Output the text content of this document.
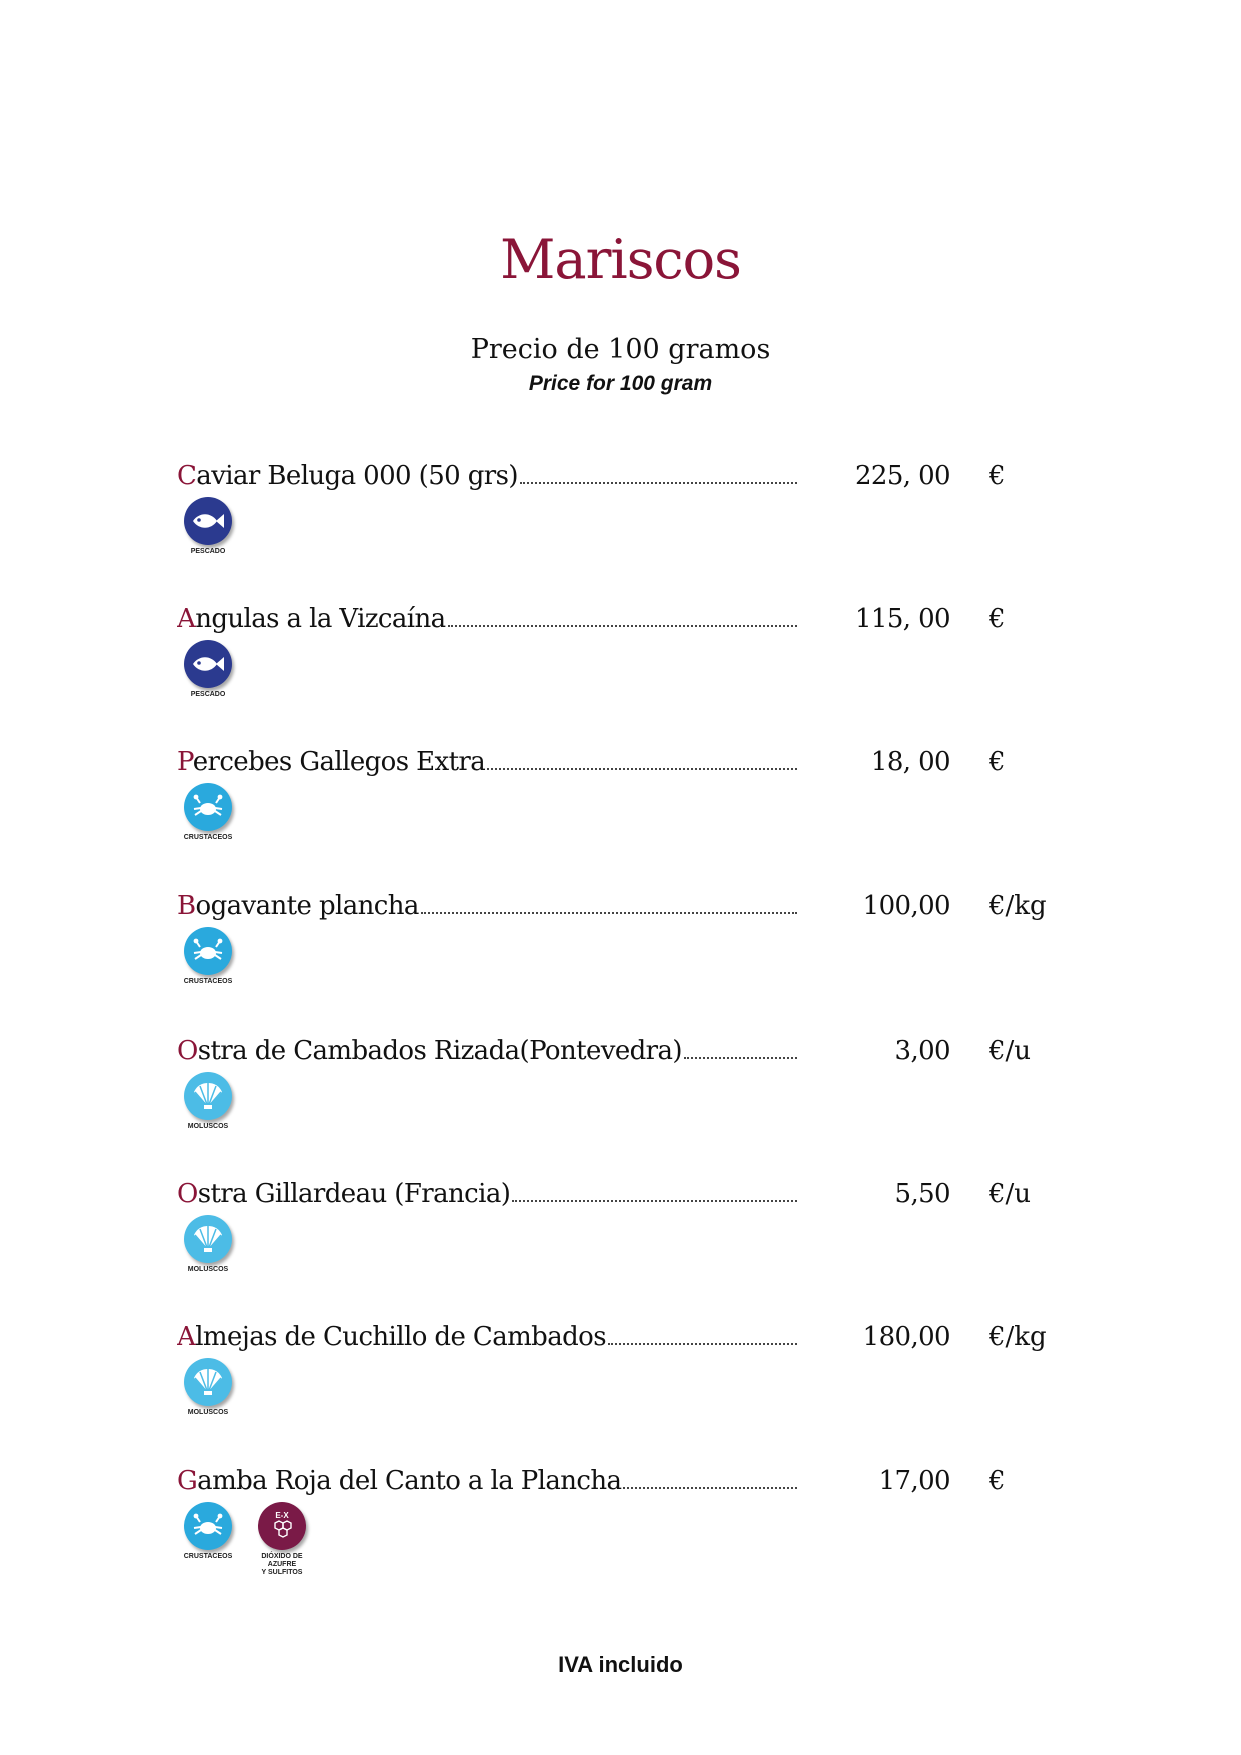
Mariscos
Precio de 100 gramos
Price for 100 gram
Caviar Beluga 000 (50 grs)	225, 00 €
PESCADO
Angulas a la Vizcaína	115, 00 €
PESCADO
Percebes Gallegos Extra	18, 00 €
CRUSTACEOS
Bogavante plancha	100,00 €/kg
CRUSTACEOS
Ostra de Cambados Rizada(Pontevedra)	3,00 €/u
MOLUSCOS
Ostra Gillardeau (Francia)	5,50 €/u
MOLUSCOS
Almejas de Cuchillo de Cambados	180,00 €/kg
MOLUSCOS
Gamba Roja del Canto a la Plancha	17,00 €
CRUSTACEOS
E-X
DIÓXIDO DE AZUFRE
Y SULFITOS
IVA incluido
